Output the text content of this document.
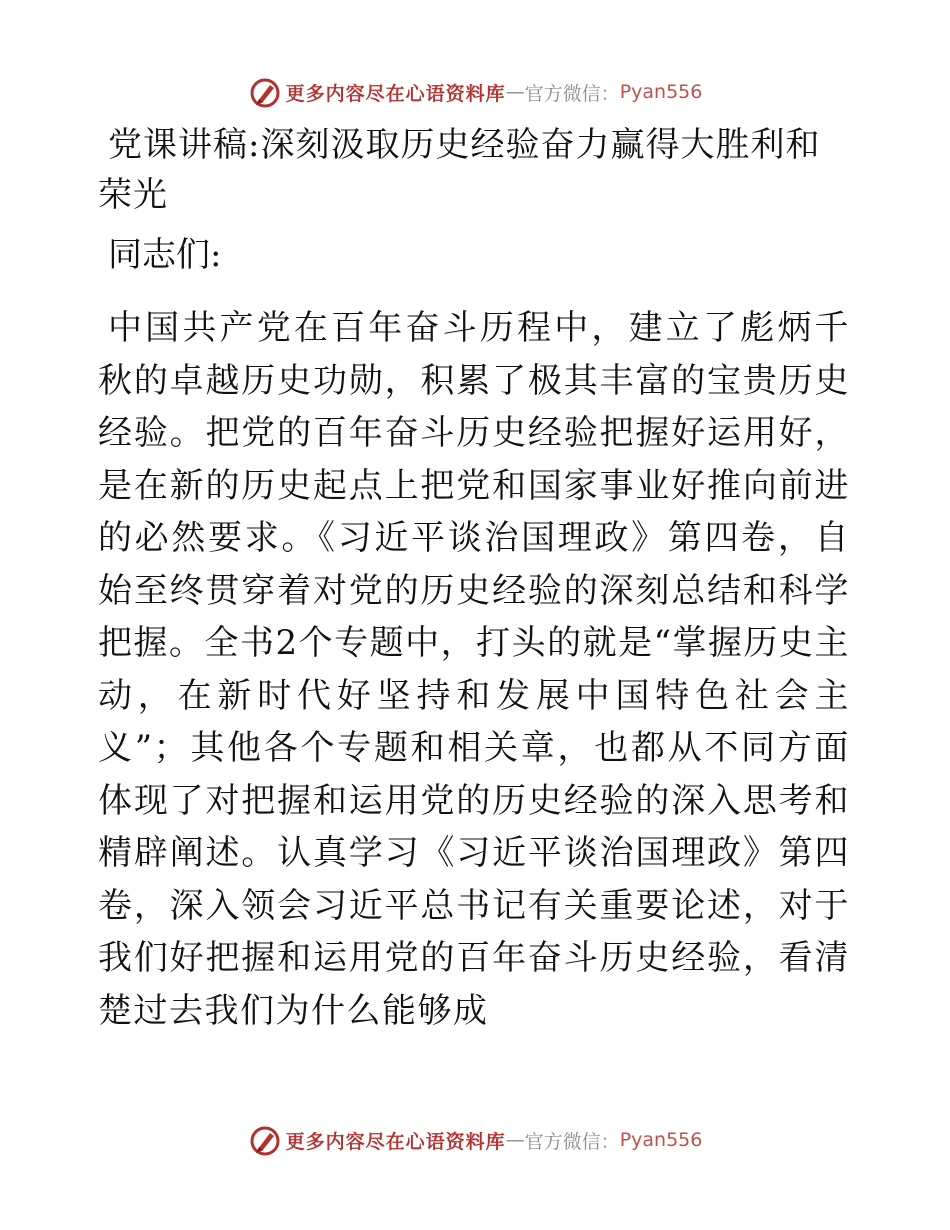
更多内容尽在心语资料库 — 官方微信： Pyan556
党课讲稿:深刻汲取历史经验奋力赢得大胜利和荣光

同志们:

中国共产党在百年奋斗历程中，建立了彪炳千秋的卓越历史功勋，积累了极其丰富的宝贵历史经验。把党的百年奋斗历史经验把握好运用好，是在新的历史起点上把党和国家事业好推向前进的必然要求。《习近平谈治国理政》第四卷，自始至终贯穿着对党的历史经验的深刻总结和科学把握。全书2个专题中，打头的就是“掌握历史主动，在新时代好坚持和发展中国特色社会主义”；其他各个专题和相关章，也都从不同方面体现了对把握和运用党的历史经验的深入思考和精辟阐述。认真学习《习近平谈治国理政》第四卷，深入领会习近平总书记有关重要论述，对于我们好把握和运用党的百年奋斗历史经验，看清楚过去我们为什么能够成

更多内容尽在心语资料库 — 官方微信： Pyan556
